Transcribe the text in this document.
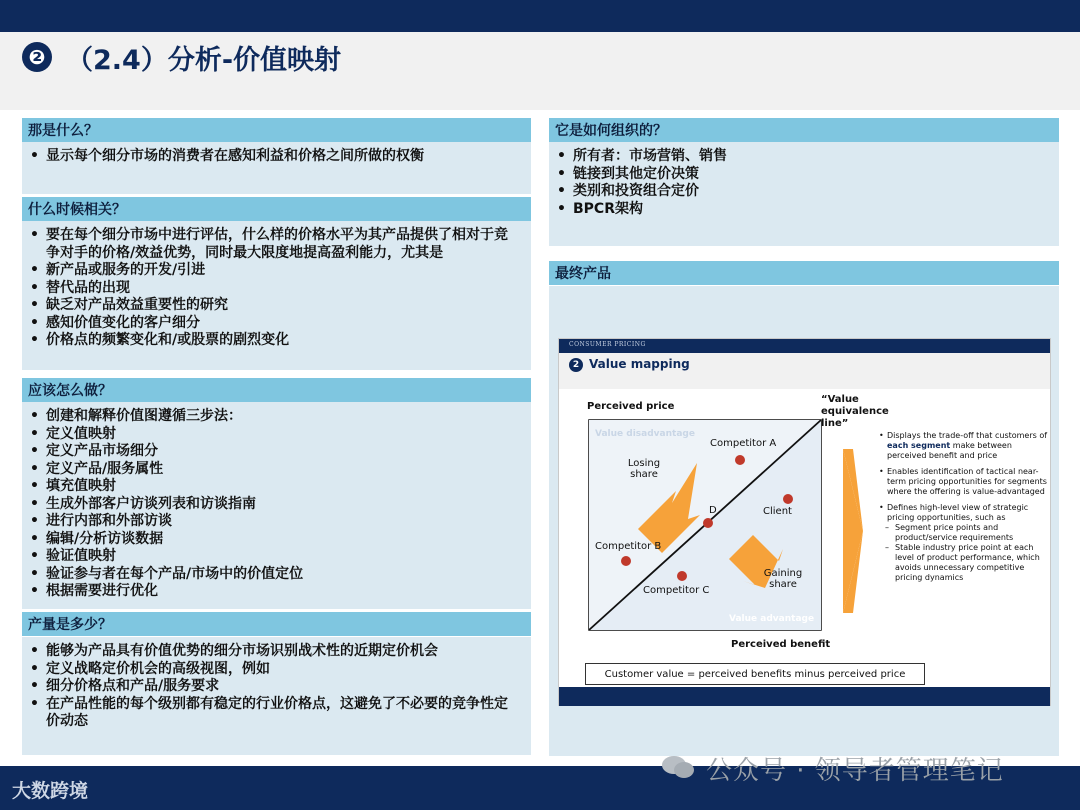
❷ （2.4）分析-价值映射
那是什么？
• 显示每个细分市场的消费者在感知利益和价格之间所做的权衡
什么时候相关？
• 要在每个细分市场中进行评估，什么样的价格水平为其产品提供了相对于竞争对手的价格/效益优势，同时最大限度地提高盈利能力，尤其是
• 新产品或服务的开发/引进
• 替代品的出现
• 缺乏对产品效益重要性的研究
• 感知价值变化的客户细分
• 价格点的频繁变化和/或股票的剧烈变化
应该怎么做？
• 创建和解释价值图遵循三步法：
• 定义值映射
• 定义产品市场细分
• 定义产品/服务属性
• 填充值映射
• 生成外部客户访谈列表和访谈指南
• 进行内部和外部访谈
• 编辑/分析访谈数据
• 验证值映射
• 验证参与者在每个产品/市场中的价值定位
• 根据需要进行优化
产量是多少？
• 能够为产品具有价值优势的细分市场识别战术性的近期定价机会
• 定义战略定价机会的高级视图，例如
• 细分价格点和产品/服务要求
• 在产品性能的每个级别都有稳定的行业价格点，这避免了不必要的竞争性定价动态
它是如何组织的？
• 所有者：市场营销、销售
• 链接到其他定价决策
• 类别和投资组合定价
• BPCR架构
最终产品
CONSUMER PRICING
2 Value mapping
Perceived price
“Value equivalence line”
Value disadvantage
Value advantage
Losing share
Gaining share
Competitor A
Client
D
Competitor B
Competitor C
Perceived benefit

• Displays the trade-off that customers of each segment make between perceived benefit and price

• Enables identification of tactical near-term pricing opportunities for segments where the offering is value-advantaged

• Defines high-level view of strategic pricing opportunities, such as

– Segment price points and product/service requirements

– Stable industry price point at each level of product performance, which avoids unnecessary competitive pricing dynamics

Customer value = perceived benefits minus perceived price
大数跨境
公众号 · 领导者管理笔记
